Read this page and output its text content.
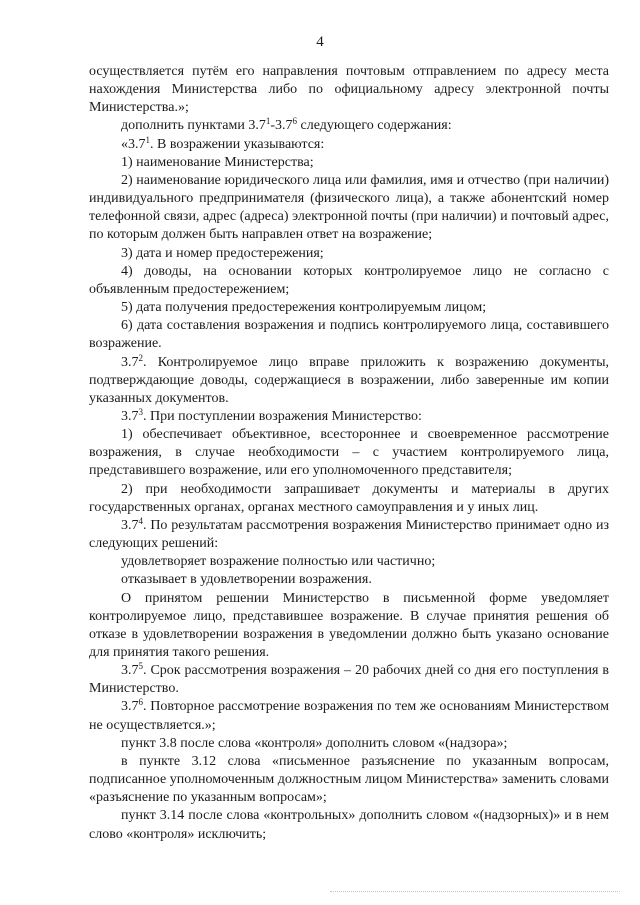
4

осуществляется путём его направления почтовым отправлением по адресу места нахождения Министерства либо по официальному адресу электронной почты Министерства.»;

дополнить пунктами $3.7^1-3.7^6$ следующего содержания:

«$3.7^1$. В возражении указываются:

1) наименование Министерства;

2) наименование юридического лица или фамилия, имя и отчество (при наличии) индивидуального предпринимателя (физического лица), а также абонентский номер телефонной связи, адрес (адреса) электронной почты (при наличии) и почтовый адрес, по которым должен быть направлен ответ на возражение;

3) дата и номер предостережения;

4) доводы, на основании которых контролируемое лицо не согласно с объявленным предостережением;

5) дата получения предостережения контролируемым лицом;

6) дата составления возражения и подпись контролируемого лица, составившего возражение.

$3.7^2$. Контролируемое лицо вправе приложить к возражению документы, подтверждающие доводы, содержащиеся в возражении, либо заверенные им копии указанных документов.

$3.7^3$. При поступлении возражения Министерство:

1) обеспечивает объективное, всестороннее и своевременное рассмотрение возражения, в случае необходимости – с участием контролируемого лица, представившего возражение, или его уполномоченного представителя;

2) при необходимости запрашивает документы и материалы в других государственных органах, органах местного самоуправления и у иных лиц.

$3.7^4$. По результатам рассмотрения возражения Министерство принимает одно из следующих решений:

удовлетворяет возражение полностью или частично;

отказывает в удовлетворении возражения.

О принятом решении Министерство в письменной форме уведомляет контролируемое лицо, представившее возражение. В случае принятия решения об отказе в удовлетворении возражения в уведомлении должно быть указано основание для принятия такого решения.

$3.7^5$. Срок рассмотрения возражения – 20 рабочих дней со дня его поступления в Министерство.

$3.7^6$. Повторное рассмотрение возражения по тем же основаниям Министерством не осуществляется.»;

пункт 3.8 после слова «контроля» дополнить словом «(надзора»;

в пункте 3.12 слова «письменное разъяснение по указанным вопросам, подписанное уполномоченным должностным лицом Министерства» заменить словами «разъяснение по указанным вопросам»;

пункт 3.14 после слова «контрольных» дополнить словом «(надзорных)» и в нем слово «контроля» исключить;
